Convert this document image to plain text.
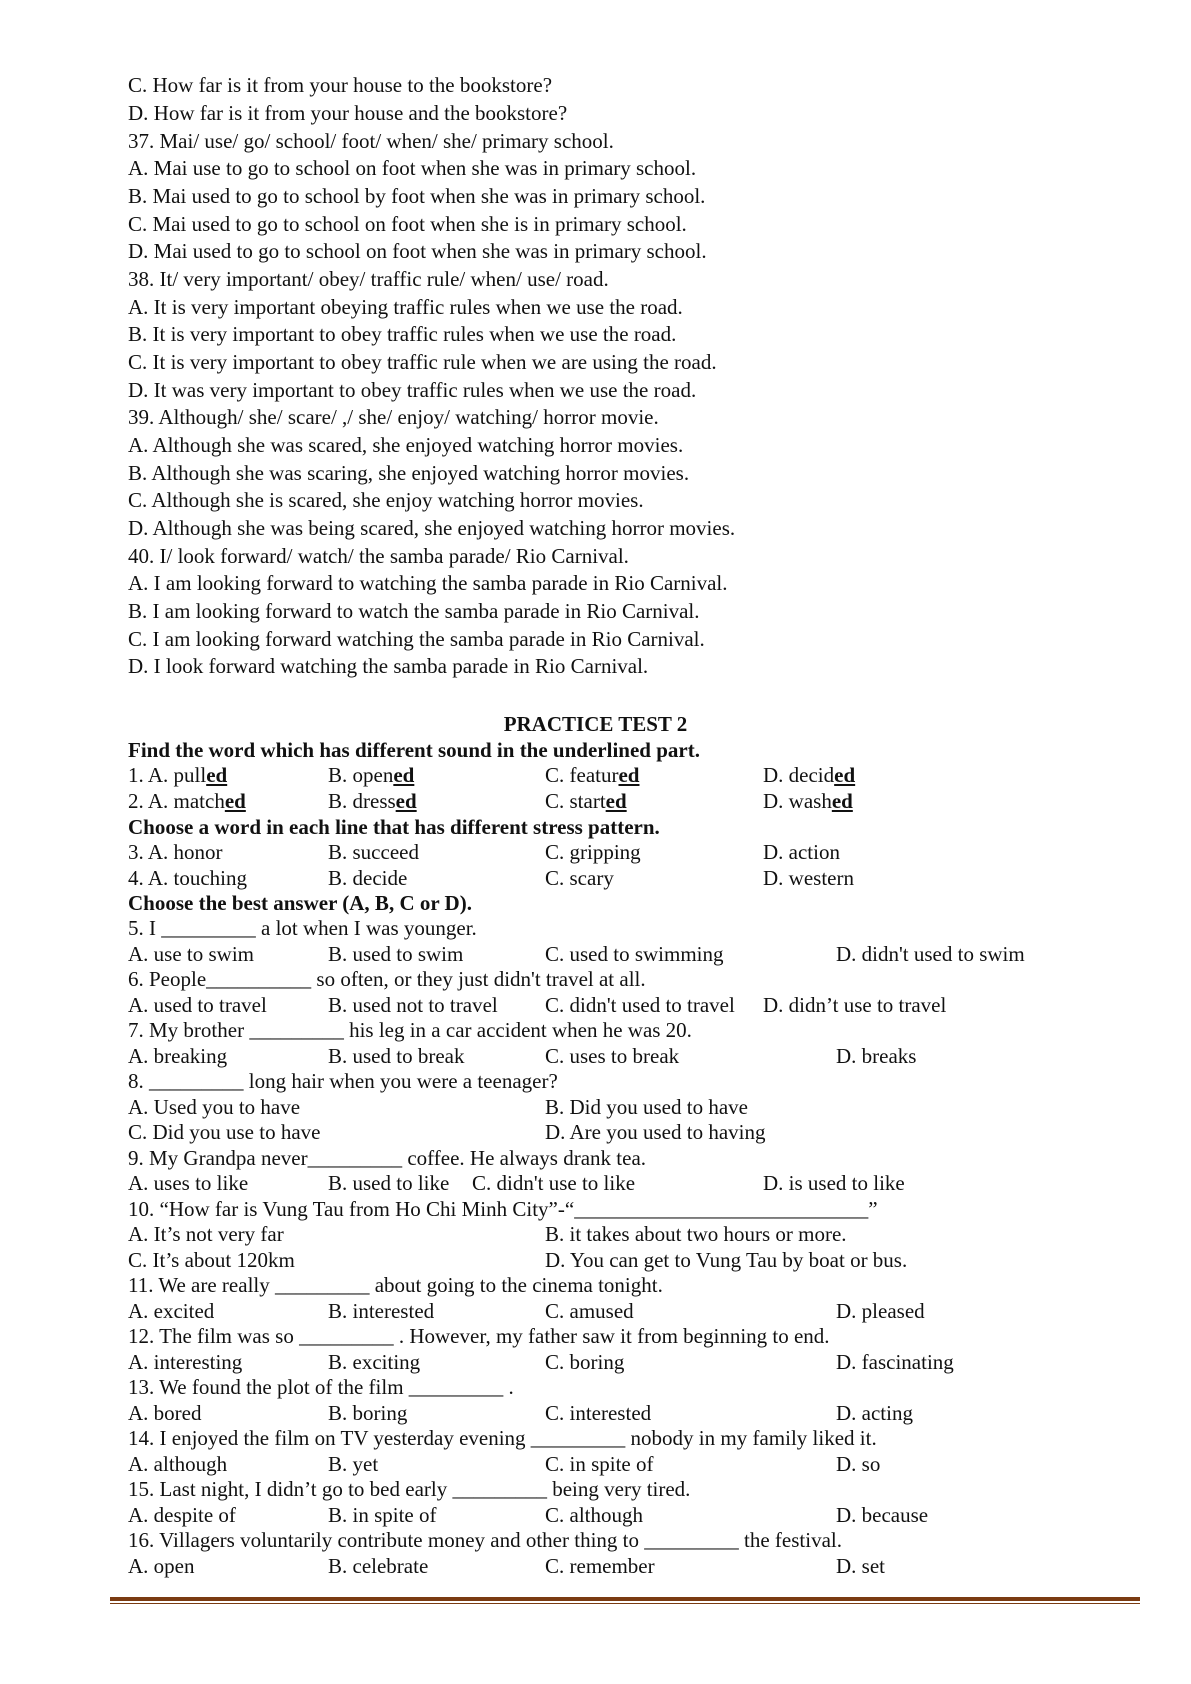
C. How far is it from your house to the bookstore?
D. How far is it from your house and the bookstore?
37. Mai/ use/ go/ school/ foot/ when/ she/ primary school.
A. Mai use to go to school on foot when she was in primary school.
B. Mai used to go to school by foot when she was in primary school.
C. Mai used to go to school on foot when she is in primary school.
D. Mai used to go to school on foot when she was in primary school.
38. It/ very important/ obey/ traffic rule/ when/ use/ road.
A. It is very important obeying traffic rules when we use the road.
B. It is very important to obey traffic rules when we use the road.
C. It is very important to obey traffic rule when we are using the road.
D. It was very important to obey traffic rules when we use the road.
39. Although/ she/ scare/ ,/ she/ enjoy/ watching/ horror movie.
A. Although she was scared, she enjoyed watching horror movies.
B. Although she was scaring, she enjoyed watching horror movies.
C. Although she is scared, she enjoy watching horror movies.
D. Although she was being scared, she enjoyed watching horror movies.
40. I/ look forward/ watch/ the samba parade/ Rio Carnival.
A. I am looking forward to watching the samba parade in Rio Carnival.
B. I am looking forward to watch the samba parade in Rio Carnival.
C. I am looking forward watching the samba parade in Rio Carnival.
D. I look forward watching the samba parade in Rio Carnival.
PRACTICE TEST 2
Find the word which has different sound in the underlined part.
1. A. pulled	B. opened	C. featured	D. decided
2. A. matched	B. dressed	C. started	D. washed
Choose a word in each line that has different stress pattern.
3. A. honor	B. succeed	C. gripping	D. action
4. A. touching	B. decide	C. scary	D. western
Choose the best answer (A, B, C or D).
5. I _________ a lot when I was younger.
A. use to swim	B. used to swim	C. used to swimming	D. didn't used to swim
6. People__________ so often, or they just didn't travel at all.
A. used to travel	B. used not to travel C. didn't used to travel D. didn’t use to travel
7. My brother _________ his leg in a car accident when he was 20.
A. breaking	B. used to break	C. uses to break	D. breaks
8. _________ long hair when you were a teenager?
A. Used you to have	B. Did you used to have
C. Did you use to have	D. Are you used to having
9. My Grandpa never_________ coffee. He always drank tea.
A. uses to like	B. used to like C. didn't use to like	D. is used to like
10. “How far is Vung Tau from Ho Chi Minh City”-“____________________________”
A. It’s not very far	B. it takes about two hours or more.
C. It’s about 120km	D. You can get to Vung Tau by boat or bus.
11. We are really _________ about going to the cinema tonight.
A. excited	B. interested	C. amused	D. pleased
12. The film was so _________ . However, my father saw it from beginning to end.
A. interesting	B. exciting	C. boring	D. fascinating
13. We found the plot of the film _________ .
A. bored	B. boring	C. interested	D. acting
14. I enjoyed the film on TV yesterday evening _________ nobody in my family liked it.
A. although	B. yet	C. in spite of	D. so
15. Last night, I didn’t go to bed early _________ being very tired.
A. despite of	B. in spite of	C. although	D. because
16. Villagers voluntarily contribute money and other thing to _________ the festival.
A. open	B. celebrate	C. remember	D. set
